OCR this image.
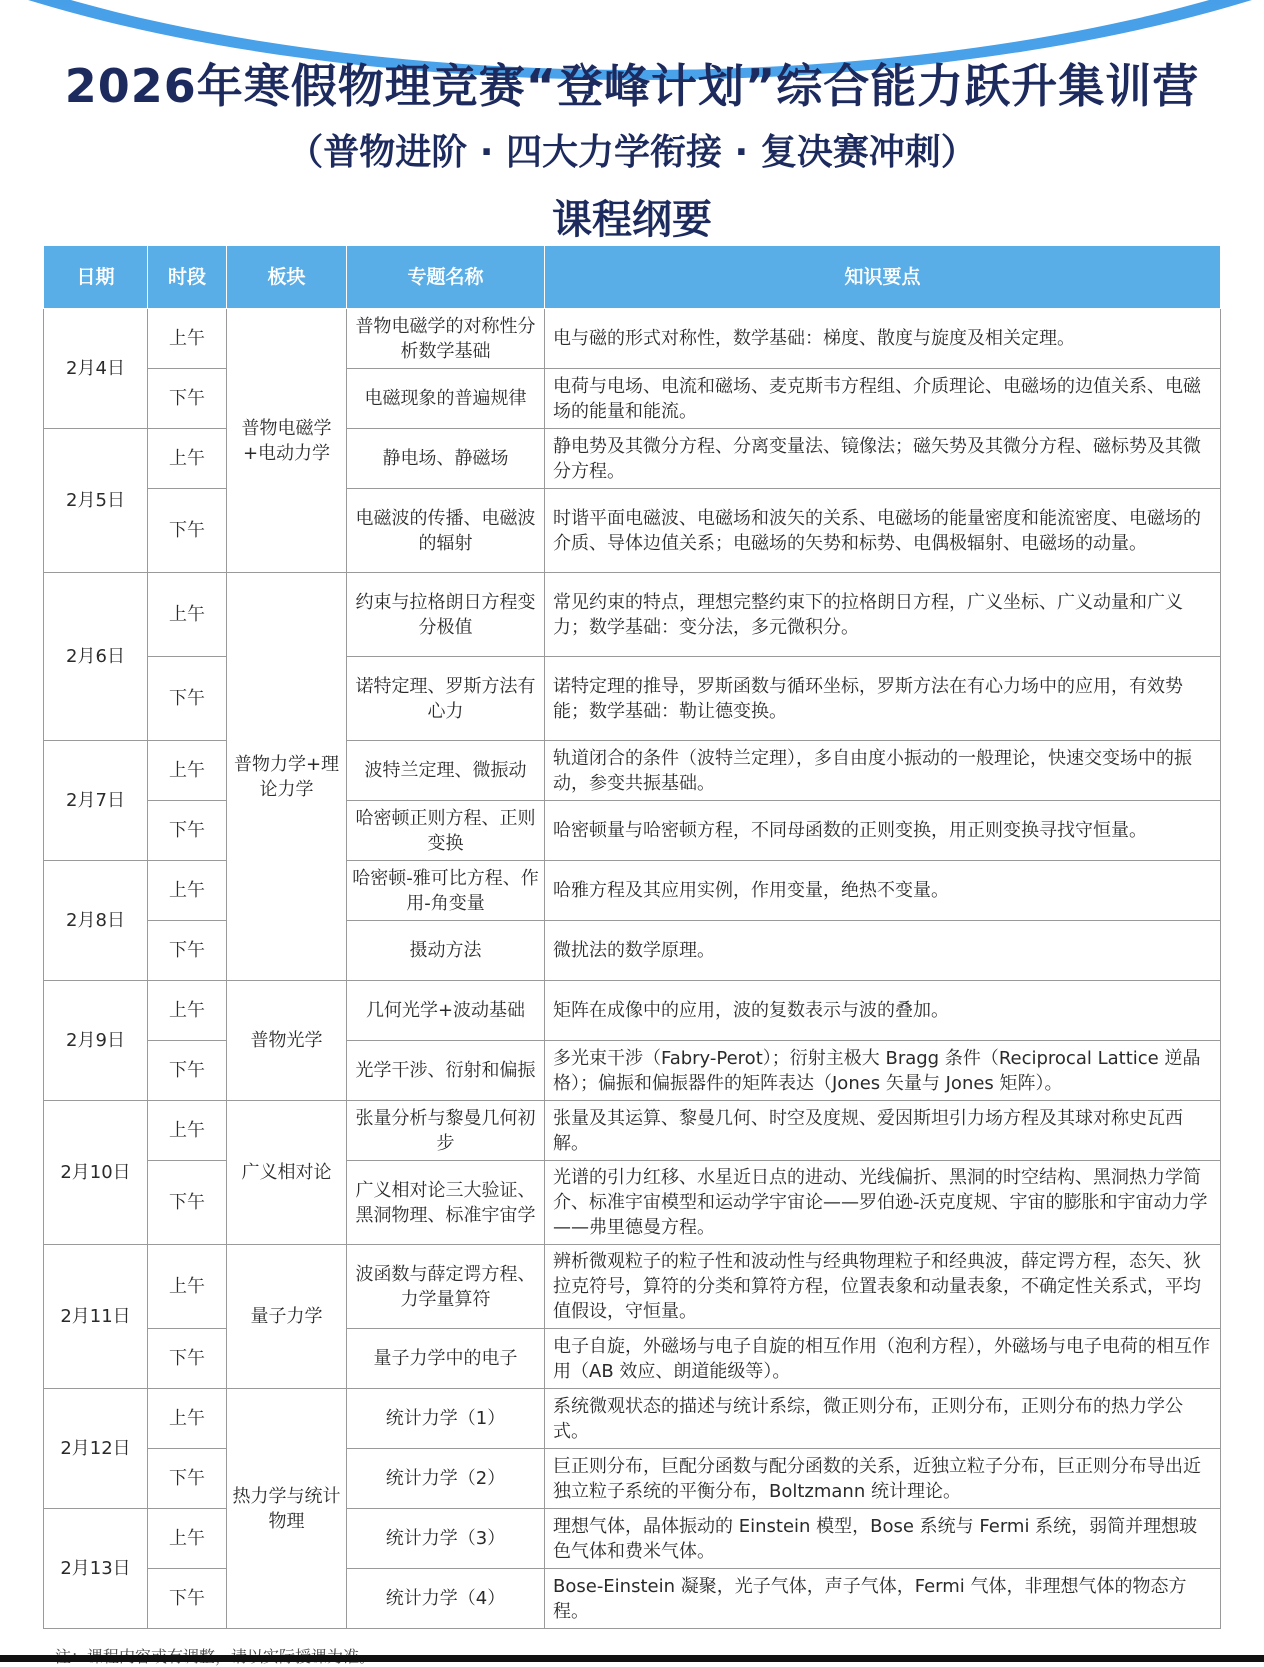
2026年寒假物理竞赛“登峰计划”综合能力跃升集训营
（普物进阶 · 四大力学衔接 · 复决赛冲刺）
课程纲要
日期	时段	板块	专题名称	知识要点
2月4日	上午	普物电磁学+电动力学	普物电磁学的对称性分析数学基础	电与磁的形式对称性，数学基础：梯度、散度与旋度及相关定理。
	下午		电磁现象的普遍规律	电荷与电场、电流和磁场、麦克斯韦方程组、介质理论、电磁场的边值关系、电磁场的能量和能流。
2月5日	上午		静电场、静磁场	静电势及其微分方程、分离变量法、镜像法；磁矢势及其微分方程、磁标势及其微分方程。
	下午		电磁波的传播、电磁波的辐射	时谐平面电磁波、电磁场和波矢的关系、电磁场的能量密度和能流密度、电磁场的介质、导体边值关系；电磁场的矢势和标势、电偶极辐射、电磁场的动量。
2月6日	上午	普物力学+理论力学	约束与拉格朗日方程变分极值	常见约束的特点，理想完整约束下的拉格朗日方程，广义坐标、广义动量和广义力；数学基础：变分法，多元微积分。
	下午		诺特定理、罗斯方法有心力	诺特定理的推导，罗斯函数与循环坐标，罗斯方法在有心力场中的应用，有效势能；数学基础：勒让德变换。
2月7日	上午		波特兰定理、微振动	轨道闭合的条件（波特兰定理），多自由度小振动的一般理论，快速交变场中的振动，参变共振基础。
	下午		哈密顿正则方程、正则变换	哈密顿量与哈密顿方程，不同母函数的正则变换，用正则变换寻找守恒量。
2月8日	上午		哈密顿-雅可比方程、作用-角变量	哈雅方程及其应用实例，作用变量，绝热不变量。
	下午		摄动方法	微扰法的数学原理。
2月9日	上午	普物光学	几何光学+波动基础	矩阵在成像中的应用，波的复数表示与波的叠加。
	下午		光学干涉、衍射和偏振	多光束干涉（Fabry-Perot）；衍射主极大 Bragg 条件（Reciprocal Lattice 逆晶格）；偏振和偏振器件的矩阵表达（Jones 矢量与 Jones 矩阵）。
2月10日	上午	广义相对论	张量分析与黎曼几何初步	张量及其运算、黎曼几何、时空及度规、爱因斯坦引力场方程及其球对称史瓦西解。
	下午		广义相对论三大验证、黑洞物理、标准宇宙学	光谱的引力红移、水星近日点的进动、光线偏折、黑洞的时空结构、黑洞热力学简介、标准宇宙模型和运动学宇宙论——罗伯逊-沃克度规、宇宙的膨胀和宇宙动力学——弗里德曼方程。
2月11日	上午	量子力学	波函数与薛定谔方程、力学量算符	辨析微观粒子的粒子性和波动性与经典物理粒子和经典波，薛定谔方程，态矢、狄拉克符号，算符的分类和算符方程，位置表象和动量表象，不确定性关系式，平均值假设，守恒量。
	下午		量子力学中的电子	电子自旋，外磁场与电子自旋的相互作用（泡利方程），外磁场与电子电荷的相互作用（AB 效应、朗道能级等）。
2月12日	上午	热力学与统计物理	统计力学（1）	系统微观状态的描述与统计系综，微正则分布，正则分布，正则分布的热力学公式。
	下午		统计力学（2）	巨正则分布，巨配分函数与配分函数的关系，近独立粒子分布，巨正则分布导出近独立粒子系统的平衡分布，Boltzmann 统计理论。
2月13日	上午		统计力学（3）	理想气体，晶体振动的 Einstein 模型，Bose 系统与 Fermi 系统，弱简并理想玻色气体和费米气体。
	下午		统计力学（4）	Bose-Einstein 凝聚，光子气体，声子气体，Fermi 气体，非理想气体的物态方程。
